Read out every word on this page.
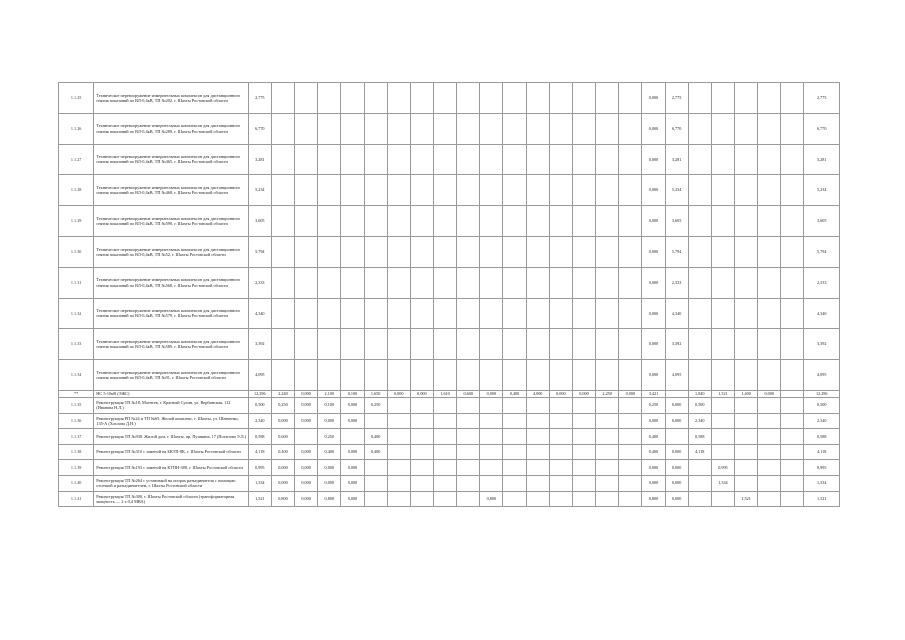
1.1.25	Техническое перевооружение измерительных комплексов для дистанционного снятия показаний по ВЛ-0,4кВ, ТП №202, г. Шахты Ростовской области	2,775																	0,000	2,775						2,775
1.1.26	Техническое перевооружение измерительных комплексов для дистанционного снятия показаний по ВЛ-0,4кВ, ТП №289, г. Шахты Ростовской области	6,770																	0,000	6,770						6,770
1.1.27	Техническое перевооружение измерительных комплексов для дистанционного снятия показаний по ВЛ-0,4кВ, ТП №465, г. Шахты Ростовской области	3,281																	0,000	3,281						3,281
1.1.28	Техническое перевооружение измерительных комплексов для дистанционного снятия показаний по ВЛ-0,4кВ, ТП №468, г. Шахты Ростовской области	5,234																	0,000	5,234						5,234
1.1.29	Техническое перевооружение измерительных комплексов для дистанционного снятия показаний по ВЛ-0,4кВ, ТП №590, г. Шахты Ростовской области	3,605																	0,000	3,605						3,605
1.1.30	Техническое перевооружение измерительных комплексов для дистанционного снятия показаний по ВЛ-0,4кВ, ТП №52, г. Шахты Ростовской области	5,794																	0,000	5,794						5,794
1.1.31	Техническое перевооружение измерительных комплексов для дистанционного снятия показаний по ВЛ-0,4кВ, ТП №568, г. Шахты Ростовской области	2,333																	0,000	2,333						2,333
1.1.32	Техническое перевооружение измерительных комплексов для дистанционного снятия показаний по ВЛ-0,4кВ, ТП №579, г. Шахты Ростовской области	4,340																	0,000	4,340						4,340
1.1.33	Техническое перевооружение измерительных комплексов для дистанционного снятия показаний по ВЛ-0,4кВ, ТП №589, г. Шахты Ростовской области	3,392																	0,000	3,392						3,392
1.1.34	Техническое перевооружение измерительных комплексов для дистанционного снятия показаний по ВЛ-0,4кВ, ТП №91, г. Шахты Ростовской области	4,095																	0,000	4,095						4,095
**	НС 5-10кВ (ЭЖС)	12,296	2,240	0,000	2,100	0,100	1,650	0,000	0,000	1,610	0,600	0,000	0,400	4,000	0,000	0,000	2,250	0,000	3,421		1,840	1,521	1,400	0,000		12,296
1.1.35	Реконструкция ТП №18, Магнтев, г. Красный Сулин, ул. Вербинская, 112 (Иванова Н.Л.)	0,500	0,250	0,000	0,100	0,000	0,250												0,250	0,000	0,500					0,500
1.1.36	Реконструкция РП №24 и ТП №65. Жилой комплекс, г. Шахты, ул. Шевченко, 135-А (Хохлова Д.Н.)	2,340	0,000	0,000	0,000	0,000													0,000	0,000	2,340					2,340
1.1.37	Реконструкция ТП №938. Жилой дом, г. Шахты, пр. Пушкина, 17 (Потапова Э.Л.)	0,588	0,600		0,250		0,400												0,400		0,588					0,588
1.1.38	Реконструкция ТП №310 с заменой на БКТП-8К, г. Шахты Ростовской области	4,118	0,400	0,000	0,400	0,000	0,400												0,400	0,000	4,118					4,118
1.1.39	Реконструкция ТП №193 с заменой на КТПН-388, г. Шахты Ростовской области	0,995	0,000	0,000	0,000	0,000													0,000	0,000		0,995				0,995
1.1.40	Реконструкция ТП №264 с установкой на опорах разъединителя с помощью отсечкой и разъединителем, г. Шахты Ростовской области	1,334	0,000	0,000	0,000	0,000													0,000	0,000		1,334				1,334
1.1.41	Реконструкция ТП №300, г. Шахты Ростовской области (трансформаторная мощность — 2 x 0,4 МВА)	1,521	0,800	0,000	0,800	0,000						0,800							0,800	0,000			1,521			1,521
